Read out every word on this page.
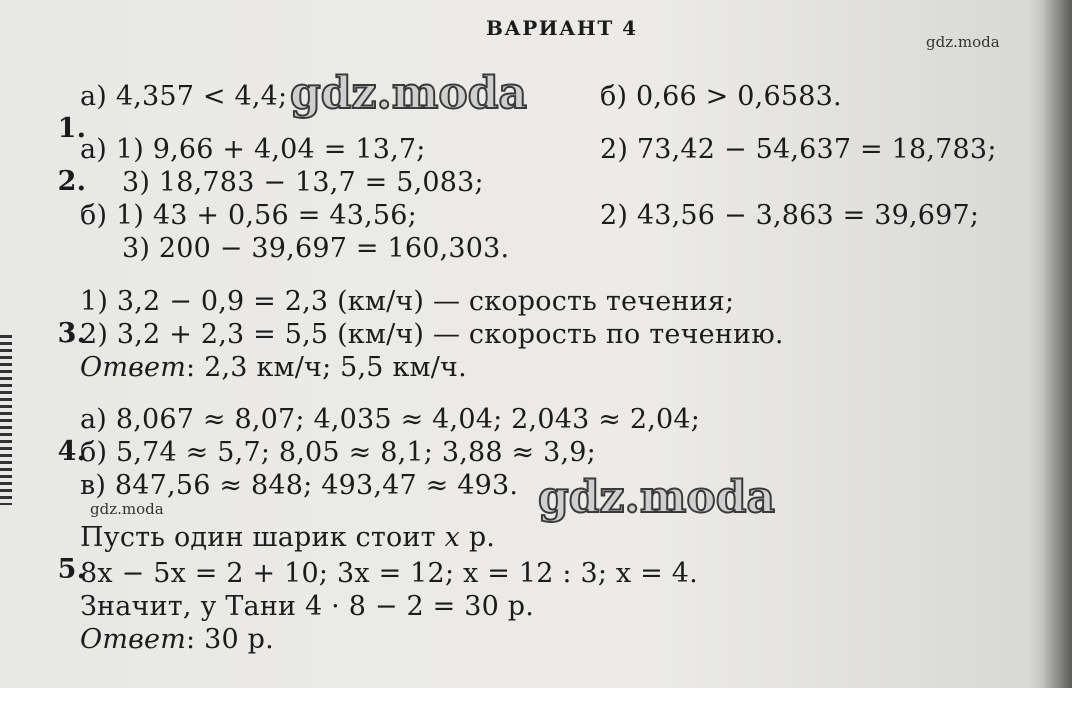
ВАРИАНТ 4
gdz.moda

1.

а) 4,357 < 4,4;	б) 0,66 > 0,6583.

2.

а) 1) 9,66 + 4,04 = 13,7;	2) 73,42 − 54,637 = 18,783;
3) 18,783 − 13,7 = 5,083;
б) 1) 43 + 0,56 = 43,56;	2) 43,56 − 3,863 = 39,697;
3) 200 − 39,697 = 160,303.

3.

1) 3,2 − 0,9 = 2,3 (км/ч) — скорость течения;
2) 3,2 + 2,3 = 5,5 (км/ч) — скорость по течению.
Ответ: 2,3 км/ч; 5,5 км/ч.

4.

а) 8,067 ≈ 8,07; 4,035 ≈ 4,04; 2,043 ≈ 2,04;
б) 5,74 ≈ 5,7; 8,05 ≈ 8,1; 3,88 ≈ 3,9;
в) 847,56 ≈ 848; 493,47 ≈ 493.
gdz.moda

5.

Пусть один шарик стоит x р.
8x − 5x = 2 + 10; 3x = 12; x = 12 : 3; x = 4.
Значит, у Тани 4 · 8 − 2 = 30 р.
Ответ: 30 р.
gdz.moda
gdz.moda
